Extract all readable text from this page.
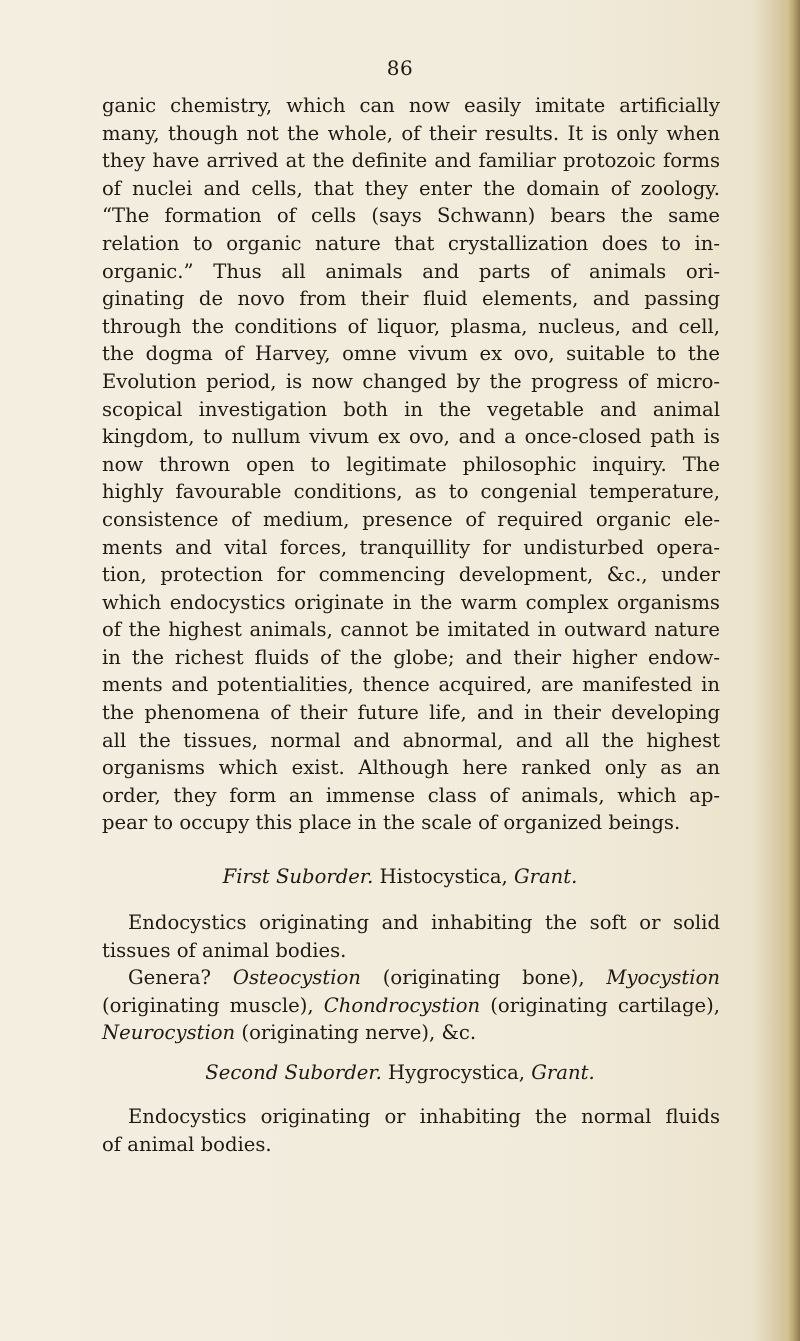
86
ganic chemistry, which can now easily imitate artificially
many, though not the whole, of their results. It is only when
they have arrived at the definite and familiar protozoic forms
of nuclei and cells, that they enter the domain of zoology.
“The formation of cells (says Schwann) bears the same
relation to organic nature that crystallization does to in-
organic.” Thus all animals and parts of animals ori-
ginating de novo from their fluid elements, and passing
through the conditions of liquor, plasma, nucleus, and cell,
the dogma of Harvey, omne vivum ex ovo, suitable to the
Evolution period, is now changed by the progress of micro-
scopical investigation both in the vegetable and animal
kingdom, to nullum vivum ex ovo, and a once-closed path is
now thrown open to legitimate philosophic inquiry. The
highly favourable conditions, as to congenial temperature,
consistence of medium, presence of required organic ele-
ments and vital forces, tranquillity for undisturbed opera-
tion, protection for commencing development, &c., under
which endocystics originate in the warm complex organisms
of the highest animals, cannot be imitated in outward nature
in the richest fluids of the globe; and their higher endow-
ments and potentialities, thence acquired, are manifested in
the phenomena of their future life, and in their developing
all the tissues, normal and abnormal, and all the highest
organisms which exist. Although here ranked only as an
order, they form an immense class of animals, which ap-
pear to occupy this place in the scale of organized beings.
First Suborder. Histocystica, Grant.
Endocystics originating and inhabiting the soft or solid
tissues of animal bodies.
Genera? Osteocystion (originating bone), Myocystion
(originating muscle), Chondrocystion (originating cartilage),
Neurocystion (originating nerve), &c.
Second Suborder. Hygrocystica, Grant.
Endocystics originating or inhabiting the normal fluids
of animal bodies.
